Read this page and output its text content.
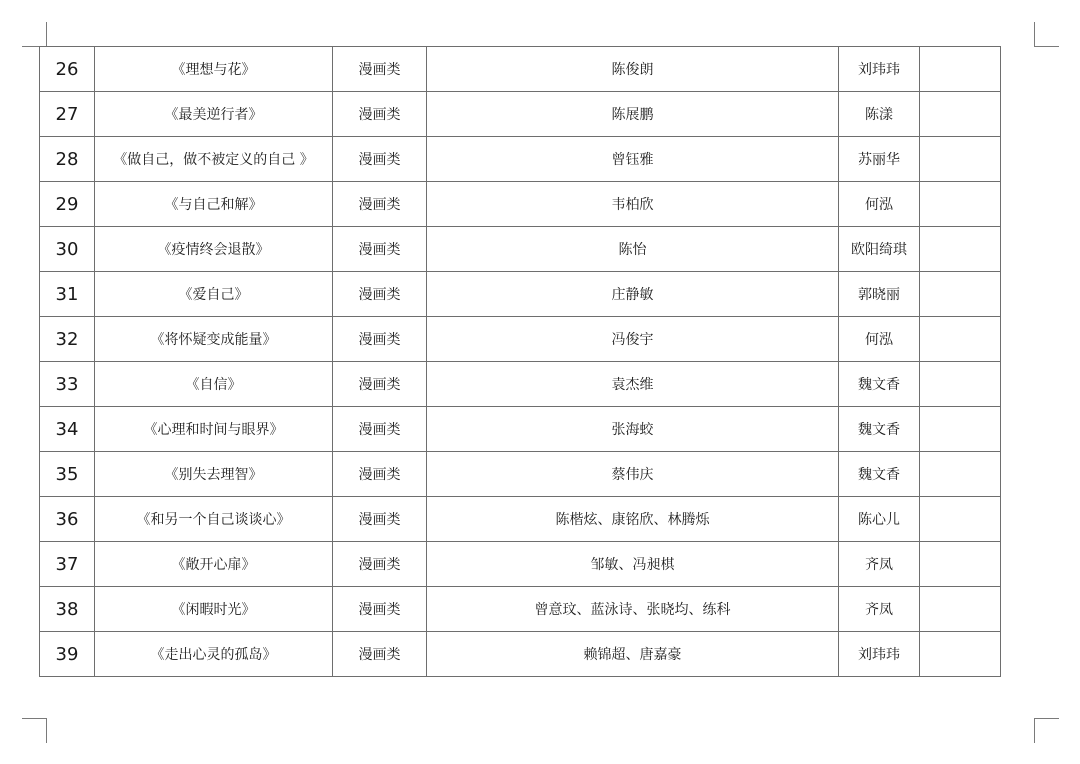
26	《理想与花》	漫画类	陈俊朗	刘玮玮	
27	《最美逆行者》	漫画类	陈展鹏	陈漾	
28	《做自己，做不被定义的自己 》	漫画类	曾钰雅	苏丽华	
29	《与自己和解》	漫画类	韦柏欣	何泓	
30	《疫情终会退散》	漫画类	陈怡	欧阳绮琪	
31	《爱自己》	漫画类	庄静敏	郭晓丽	
32	《将怀疑变成能量》	漫画类	冯俊宇	何泓	
33	《自信》	漫画类	袁杰维	魏文香	
34	《心理和时间与眼界》	漫画类	张海蛟	魏文香	
35	《别失去理智》	漫画类	蔡伟庆	魏文香	
36	《和另一个自己谈谈心》	漫画类	陈楷炫、康铭欣、林腾烁	陈心儿	
37	《敞开心扉》	漫画类	邹敏、冯昶棋	齐凤	
38	《闲暇时光》	漫画类	曾意玟、蓝泳诗、张晓均、练科	齐凤	
39	《走出心灵的孤岛》	漫画类	赖锦超、唐嘉豪	刘玮玮	
